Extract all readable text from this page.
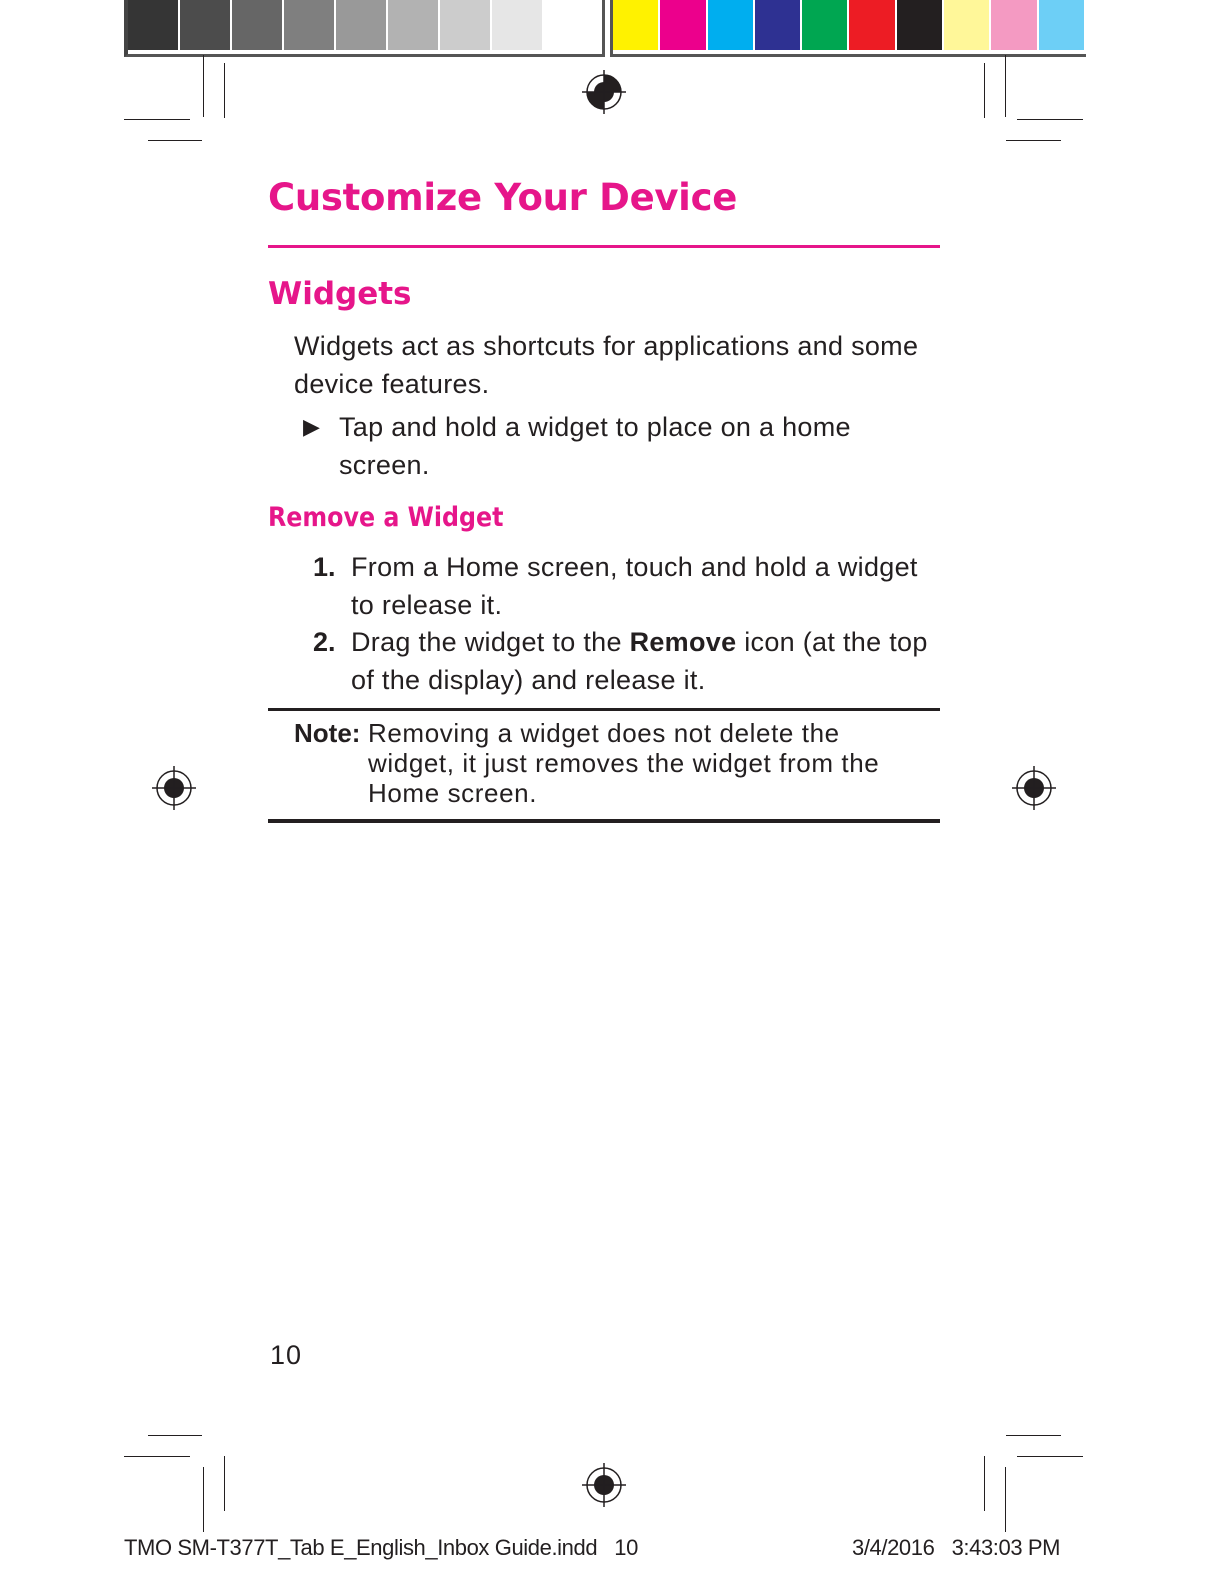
Customize Your Device
Widgets
Widgets act as shortcuts for applications and some device features.
▶ Tap and hold a widget to place on a home screen.
Remove a Widget
1. From a Home screen, touch and hold a widget to release it.
2. Drag the widget to the Remove icon (at the top of the display) and release it.
Note: Removing a widget does not delete the widget, it just removes the widget from the Home screen.
10
TMO SM-T377T_Tab E_English_Inbox Guide.indd   10	3/4/2016   3:43:03 PM
